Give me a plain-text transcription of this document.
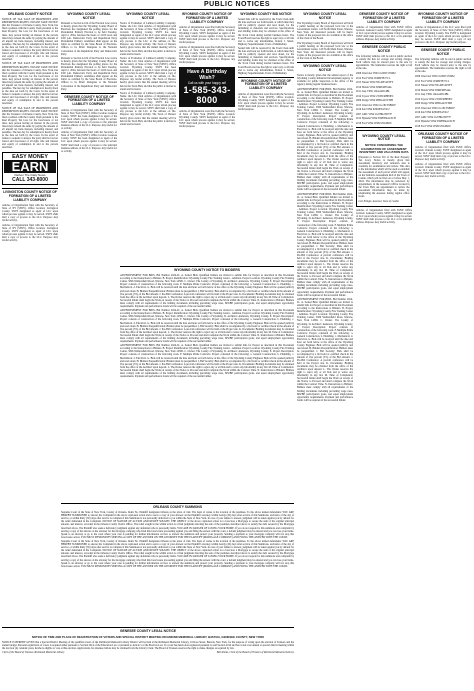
PUBLIC NOTICES
ORLEANS COUNTY NOTICE

NOTICE OF TAX SALE OF PROPERTIES AND REDEMPTION RIGHTS. PLEASE TAKE NOTICE that the Treasurer of Orleans County, New York, has filed a petition with the County Clerk pursuant to the Real Property Tax Law for the foreclosure of tax liens. Any person having an interest in the parcels listed may redeem the same by paying the amount of all unpaid tax liens thereon, including interest and penalties. The last day for redemption is hereby fixed as the date set forth by the Court. In the event of failure to redeem or answer, the party shall be forever barred and foreclosed of all right, title and interest and equity of redemption in and to the parcels described.

NOTICE OF TAX SALE OF PROPERTIES AND REDEMPTION RIGHTS. PLEASE TAKE NOTICE that the Treasurer of Orleans County, New York, has filed a petition with the County Clerk pursuant to the Real Property Tax Law for the foreclosure of tax liens. Any person having an interest in the parcels listed may redeem the same by paying the amount of all unpaid tax liens thereon, including interest and penalties. The last day for redemption is hereby fixed as the date set forth by the Court. In the event of failure to redeem or answer, the party shall be forever barred and foreclosed of all right, title and interest and equity of redemption in and to the parcels described.

NOTICE OF TAX SALE OF PROPERTIES AND REDEMPTION RIGHTS. PLEASE TAKE NOTICE that the Treasurer of Orleans County, New York, has filed a petition with the County Clerk pursuant to the Real Property Tax Law for the foreclosure of tax liens. Any person having an interest in the parcels listed may redeem the same by paying the amount of all unpaid tax liens thereon, including interest and penalties. The last day for redemption is hereby fixed as the date set forth by the Court. In the event of failure to redeem or answer, the party shall be forever barred and foreclosed of all right, title and interest and equity of redemption in and to the parcels described.

EASY MONEY
EARN
Deliver The Daily News
CALL 343-8000
LIVINGSTON COUNTY NOTICE OF FORMATION OF A LIMITED LIABILITY COMPANY

Articles of Organization filed with the Secretary of State of NY (SSNY). Office location: Livingston County. SSNY designated as agent of LLC upon whom process against it may be served. SSNY shall mail a copy of process to the LLC. Purpose: Any lawful activity.

Articles of Organization filed with the Secretary of State of NY (SSNY). Office location: Livingston County. SSNY designated as agent of LLC upon whom process against it may be served. SSNY shall mail a copy of process to the LLC. Purpose: Any lawful activity.

WYOMING COUNTY LEGAL NOTICE

Pursuant to Section 4-104 of the Election Law, notice is hereby given that the Wyoming County Board of Elections has designated the polling places for the Presidential Primary Election to be held Tuesday, April 2, 2024, between the hours of 12:00 noon and 9:00 p.m. Democratic Party and Republican Party Presidential Primary candidates shall appear on the ballot as certified by the State Board of Elections. Offices to be filled: Delegates to the National Convention of the Republican Party and Democratic Party.

Pursuant to Section 4-104 of the Election Law, notice is hereby given that the Wyoming County Board of Elections has designated the polling places for the Presidential Primary Election to be held Tuesday, April 2, 2024, between the hours of 12:00 noon and 9:00 p.m. Democratic Party and Republican Party Presidential Primary candidates shall appear on the ballot as certified by the State Board of Elections. Offices to be filled: Delegates to the National Convention of the Republican Party and Democratic Party.

GENESEE COUNTY NOTICE OF FORMATION OF A LIMITED LIABILITY COMPANY

Articles of Organization filed with the Secretary of State of New York (SSNY). Office location: Genesee County. SSNY has been designated as agent of the LLC upon whom process against it may be served. SSNY shall mail a copy of process to the principal business address of the LLC. Purpose: Any lawful act or activity.

Articles of Organization filed with the Secretary of State of New York (SSNY). Office location: Genesee County. SSNY has been designated as agent of the LLC upon whom process against it may be served. SSNY shall mail a copy of process to the principal business address of the LLC. Purpose: Any lawful act or activity.

WYOMING COUNTY LEGAL NOTICE

Notice of Formation of Limited Liability Company. Name: the LLC filed Articles of Organization with the Secretary of State of New York (SSNY). Office location: Wyoming County. SSNY has been designated as agent of the LLC upon whom process against it may be served. SSNY shall mail a copy of any process to the LLC at the address on file. Purpose: any lawful activity. The Town of Warsaw hereby gives notice that the annual meeting will be held at the Town Hall, and that the public is invited to attend and be heard.

Notice of Formation of Limited Liability Company. Name: the LLC filed Articles of Organization with the Secretary of State of New York (SSNY). Office location: Wyoming County. SSNY has been designated as agent of the LLC upon whom process against it may be served. SSNY shall mail a copy of any process to the LLC at the address on file. Purpose: any lawful activity. The Town of Warsaw hereby gives notice that the annual meeting will be held at the Town Hall, and that the public is invited to attend and be heard.

Notice of Formation of Limited Liability Company. Name: the LLC filed Articles of Organization with the Secretary of State of New York (SSNY). Office location: Wyoming County. SSNY has been designated as agent of the LLC upon whom process against it may be served. SSNY shall mail a copy of any process to the LLC at the address on file. Purpose: any lawful activity. The Town of Warsaw hereby gives notice that the annual meeting will be held at the Town Hall, and that the public is invited to attend and be heard.

WYOMING COUNTY NOTICE OF FORMATION OF A LIMITED LIABILITY COMPANY

Articles of Organization were filed with the Secretary of State of New York (SSNY). Office location: Wyoming County. SSNY designated as agent of the LLC upon whom process against it may be served. SSNY shall mail process to the LLC. Purpose: any lawful purpose.

Articles of Organization were filed with the Secretary of State of New York (SSNY). Office location: Wyoming County. SSNY designated as agent of the LLC upon whom process against it may be served. SSNY shall mail process to the LLC. Purpose: any lawful purpose.

Have A Birthday Wish?
Call us with your happy ad!
1-585-343-8000

Articles of Organization were filed with the Secretary of State of New York (SSNY). Office location: Wyoming County. SSNY designated as agent of the LLC upon whom process against it may be served. SSNY shall mail process to the LLC. Purpose: any lawful purpose.

WYOMING COUNTY BID NOTICE

Sealed bids will be received by the Town Clerk until the date and hour set forth herein, at which time they will be publicly opened and read aloud, for the furnishing of materials and services. Specifications and bidding forms may be obtained at the office of the Town Clerk during normal business hours. The Town Board reserves the right to reject any or all bids and to waive any informalities. Robert J. Smart, Highway Superintendent, Town of Middlebury.

Sealed bids will be received by the Town Clerk until the date and hour set forth herein, at which time they will be publicly opened and read aloud, for the furnishing of materials and services. Specifications and bidding forms may be obtained at the office of the Town Clerk during normal business hours. The Town Board reserves the right to reject any or all bids and to waive any informalities. Robert J. Smart, Highway Superintendent, Town of Middlebury.

WYOMING COUNTY NOTICE OF FORMATION OF A LIMITED LIABILITY COMPANY

Articles of Organization were filed with the Secretary of State of New York (SSNY). Office location: Wyoming County. SSNY designated as agent of the LLC upon whom process against it may be served. SSNY shall mail process to the LLC. Purpose: any lawful purpose.

WYOMING COUNTY NOTICE TO BIDDERS

ADVERTISEMENT FOR BIDS. Bid Number 2024-01. A. Sealed Bids: Qualified bidders are invited to submit bids for Project as described in this Document according to the Instructions to Bidders. B. Project Identification: Wyoming County Fire Training Center - Addition. Project Location: Wyoming County Fire Training Center, 5826 Wethersfield Road, Warsaw, New York 14569. C. Owner: The County of Wyoming. D. Architect: Anderson, Wyoming County. E. Project Description: Project consists of construction of the following work. F. Multiple Prime Contracts: Project consisted of the following: a. General Construction. b. Plumbing. c. Mechanical. d. Electrical. G. Bids will be received until the date and hour set forth below at the office of the Wyoming County Engineer. Bids will be opened publicly and read aloud. H. Bidders Prequalification: Bidders must be prequalified. I. Bid Security: Bids shall be accompanied by a bid bond or certified check in the amount of five percent (5%) of the Bid amount. J. Pre-Bid Conference: A pre-bid conference will be held at the Project site. K. Documents: Bidding documents may be obtained from the office of the Architect upon deposit. L. The Owner reserves the right to reject any or all bids and to waive any informality in any bid. M. Time of Completion: Successful bidder shall begin the Work on receipt of the Notice to Proceed and shall complete the Work within the Contract Time. N. Instructions to Bidders: Bidders must comply with all requirements of the bidding documents including prevailing wage rates, MWBE participation goals, and equal employment opportunity requirements. Payment and performance bonds will be required of the successful bidder.

ADVERTISEMENT FOR BIDS. Bid Number 2024-01. A. Sealed Bids: Qualified bidders are invited to submit bids for Project as described in this Document according to the Instructions to Bidders. B. Project Identification: Wyoming County Fire Training Center - Addition. Project Location: Wyoming County Fire Training Center, 5826 Wethersfield Road, Warsaw, New York 14569. C. Owner: The County of Wyoming. D. Architect: Anderson, Wyoming County. E. Project Description: Project consists of construction of the following work. F. Multiple Prime Contracts: Project consisted of the following: a. General Construction. b. Plumbing. c. Mechanical. d. Electrical. G. Bids will be received until the date and hour set forth below at the office of the Wyoming County Engineer. Bids will be opened publicly and read aloud. H. Bidders Prequalification: Bidders must be prequalified. I. Bid Security: Bids shall be accompanied by a bid bond or certified check in the amount of five percent (5%) of the Bid amount. J. Pre-Bid Conference: A pre-bid conference will be held at the Project site. K. Documents: Bidding documents may be obtained from the office of the Architect upon deposit. L. The Owner reserves the right to reject any or all bids and to waive any informality in any bid. M. Time of Completion: Successful bidder shall begin the Work on receipt of the Notice to Proceed and shall complete the Work within the Contract Time. N. Instructions to Bidders: Bidders must comply with all requirements of the bidding documents including prevailing wage rates, MWBE participation goals, and equal employment opportunity requirements. Payment and performance bonds will be required of the successful bidder.

ADVERTISEMENT FOR BIDS. Bid Number 2024-01. A. Sealed Bids: Qualified bidders are invited to submit bids for Project as described in this Document according to the Instructions to Bidders. B. Project Identification: Wyoming County Fire Training Center - Addition. Project Location: Wyoming County Fire Training Center, 5826 Wethersfield Road, Warsaw, New York 14569. C. Owner: The County of Wyoming. D. Architect: Anderson, Wyoming County. E. Project Description: Project consists of construction of the following work. F. Multiple Prime Contracts: Project consisted of the following: a. General Construction. b. Plumbing. c. Mechanical. d. Electrical. G. Bids will be received until the date and hour set forth below at the office of the Wyoming County Engineer. Bids will be opened publicly and read aloud. H. Bidders Prequalification: Bidders must be prequalified. I. Bid Security: Bids shall be accompanied by a bid bond or certified check in the amount of five percent (5%) of the Bid amount. J. Pre-Bid Conference: A pre-bid conference will be held at the Project site. K. Documents: Bidding documents may be obtained from the office of the Architect upon deposit. L. The Owner reserves the right to reject any or all bids and to waive any informality in any bid. M. Time of Completion: Successful bidder shall begin the Work on receipt of the Notice to Proceed and shall complete the Work within the Contract Time. N. Instructions to Bidders: Bidders must comply with all requirements of the bidding documents including prevailing wage rates, MWBE participation goals, and equal employment opportunity requirements. Payment and performance bonds will be required of the successful bidder.

ORLEANS COUNTY SUMMONS

Supreme Court of the State of New York, County of Orleans. Index No. Plaintiff designates Orleans as the place of trial. The basis of venue is the location of the premises. To the above named defendants: YOU ARE HEREBY SUMMONED to answer the Complaint in the above captioned action and to serve a copy of your Answer on the Plaintiff's attorney within twenty (20) days after service of this Summons, exclusive of the day of service, or within thirty (30) days after service is complete if this Summons is not personally delivered to you within the State of New York. In case of your failure to answer, judgment will be taken against you by default for the relief demanded in the Complaint. NOTICE OF NATURE OF ACTION AND RELIEF SOUGHT. THE OBJECT of the above captioned action is to foreclose a Mortgage to secure the sum of the original principal amount, and interest, recorded in the Orleans County Clerk's Office. The relief sought in the within action is a final judgment directing the sale of the premises described above to satisfy the debt secured by the Mortgage described above. The Plaintiff also seeks a deficiency judgment against any defendant who is personally liable. YOU ARE IN DANGER OF LOSING YOUR HOME. If you do not respond to this summons and complaint by serving a copy of the answer on the attorney for the mortgage company who filed this foreclosure proceeding against you and filing the answer with the court, a default judgment may be entered and you can lose your home. Speak to an attorney or go to the court where your case is pending for further information on how to answer the summons and protect your property. Sending a payment to your mortgage company will not stop this foreclosure action. YOU MUST RESPOND BY SERVING A COPY OF THE ANSWER ON THE ATTORNEY FOR THE PLAINTIFF (MORTGAGE COMPANY) AND FILING THE ANSWER WITH THE COURT.

Supreme Court of the State of New York, County of Orleans. Index No. Plaintiff designates Orleans as the place of trial. The basis of venue is the location of the premises. To the above named defendants: YOU ARE HEREBY SUMMONED to answer the Complaint in the above captioned action and to serve a copy of your Answer on the Plaintiff's attorney within twenty (20) days after service of this Summons, exclusive of the day of service, or within thirty (30) days after service is complete if this Summons is not personally delivered to you within the State of New York. In case of your failure to answer, judgment will be taken against you by default for the relief demanded in the Complaint. NOTICE OF NATURE OF ACTION AND RELIEF SOUGHT. THE OBJECT of the above captioned action is to foreclose a Mortgage to secure the sum of the original principal amount, and interest, recorded in the Orleans County Clerk's Office. The relief sought in the within action is a final judgment directing the sale of the premises described above to satisfy the debt secured by the Mortgage described above. The Plaintiff also seeks a deficiency judgment against any defendant who is personally liable. YOU ARE IN DANGER OF LOSING YOUR HOME. If you do not respond to this summons and complaint by serving a copy of the answer on the attorney for the mortgage company who filed this foreclosure proceeding against you and filing the answer with the court, a default judgment may be entered and you can lose your home. Speak to an attorney or go to the court where your case is pending for further information on how to answer the summons and protect your property. Sending a payment to your mortgage company will not stop this foreclosure action. YOU MUST RESPOND BY SERVING A COPY OF THE ANSWER ON THE ATTORNEY FOR THE PLAINTIFF (MORTGAGE COMPANY) AND FILING THE ANSWER WITH THE COURT.

GENESEE COUNTY LEGAL NOTICE
NOTICE OF TIME AND PLACE OF REGISTRATION OF VOTERS AND SPECIAL DISTRICT MEETING RICHMOND MEMORIAL LIBRARY, BATAVIA, GENESEE COUNTY, NEW YORK

NOTICE IS HEREBY GIVEN that a Special District Meeting of the qualified voters of the Richmond Memorial Library District will be held at the Richmond Memorial Library, 19 Ross Street, Batavia, New York, for the purpose of voting upon the election of Trustees and the annual budget. Personal registration of voters is required either pursuant to Section 2014 of the Education Law or pursuant to Article 5 of the Election Law. If a voter has heretofore registered pursuant to said Section 2014 and has voted at an annual or special district meeting within the last four (4) calendar years, he/she is eligible to vote at this election. Applications for absentee ballots may be obtained from the Library Clerk. The Board of Trustees reserves the right to make changes as required by law.

Clerk of the Board of Trustees, Richmond Memorial Library	Beth Parks, Clerk of the Board of Trustees of Richmond Memorial Library
WYOMING COUNTY LEGAL NOTICE

The Wyoming County Board of Supervisors will hold a public hearing on the proposed local law at the Government Center, 143 North Main Street, Warsaw, New York. All interested persons will be heard. Copies of the proposed law are available at the office of the Clerk of the Board.

The Wyoming County Board of Supervisors will hold a public hearing on the proposed local law at the Government Center, 143 North Main Street, Warsaw, New York. All interested persons will be heard. Copies of the proposed law are available at the office of the Clerk of the Board.

WYOMING COUNTY LEGAL NOTICE

Notice is hereby given that the annual report of the Wyoming County Industrial Development Agency is available for public inspection at the office of the Agency during regular business hours.

ADVERTISEMENT FOR BIDS. Bid Number 2024-01. A. Sealed Bids: Qualified bidders are invited to submit bids for Project as described in this Document according to the Instructions to Bidders. B. Project Identification: Wyoming County Fire Training Center - Addition. Project Location: Wyoming County Fire Training Center, 5826 Wethersfield Road, Warsaw, New York 14569. C. Owner: The County of Wyoming. D. Architect: Anderson, Wyoming County. E. Project Description: Project consists of construction of the following work. F. Multiple Prime Contracts: Project consisted of the following: a. General Construction. b. Plumbing. c. Mechanical. d. Electrical. G. Bids will be received until the date and hour set forth below at the office of the Wyoming County Engineer. Bids will be opened publicly and read aloud. H. Bidders Prequalification: Bidders must be prequalified. I. Bid Security: Bids shall be accompanied by a bid bond or certified check in the amount of five percent (5%) of the Bid amount. J. Pre-Bid Conference: A pre-bid conference will be held at the Project site. K. Documents: Bidding documents may be obtained from the office of the Architect upon deposit. L. The Owner reserves the right to reject any or all bids and to waive any informality in any bid. M. Time of Completion: Successful bidder shall begin the Work on receipt of the Notice to Proceed and shall complete the Work within the Contract Time. N. Instructions to Bidders: Bidders must comply with all requirements of the bidding documents including prevailing wage rates, MWBE participation goals, and equal employment opportunity requirements. Payment and performance bonds will be required of the successful bidder.

ADVERTISEMENT FOR BIDS. Bid Number 2024-01. A. Sealed Bids: Qualified bidders are invited to submit bids for Project as described in this Document according to the Instructions to Bidders. B. Project Identification: Wyoming County Fire Training Center - Addition. Project Location: Wyoming County Fire Training Center, 5826 Wethersfield Road, Warsaw, New York 14569. C. Owner: The County of Wyoming. D. Architect: Anderson, Wyoming County. E. Project Description: Project consists of construction of the following work. F. Multiple Prime Contracts: Project consisted of the following: a. General Construction. b. Plumbing. c. Mechanical. d. Electrical. G. Bids will be received until the date and hour set forth below at the office of the Wyoming County Engineer. Bids will be opened publicly and read aloud. H. Bidders Prequalification: Bidders must be prequalified. I. Bid Security: Bids shall be accompanied by a bid bond or certified check in the amount of five percent (5%) of the Bid amount. J. Pre-Bid Conference: A pre-bid conference will be held at the Project site. K. Documents: Bidding documents may be obtained from the office of the Architect upon deposit. L. The Owner reserves the right to reject any or all bids and to waive any informality in any bid. M. Time of Completion: Successful bidder shall begin the Work on receipt of the Notice to Proceed and shall complete the Work within the Contract Time. N. Instructions to Bidders: Bidders must comply with all requirements of the bidding documents including prevailing wage rates, MWBE participation goals, and equal employment opportunity requirements. Payment and performance bonds will be required of the successful bidder.

ADVERTISEMENT FOR BIDS. Bid Number 2024-01. A. Sealed Bids: Qualified bidders are invited to submit bids for Project as described in this Document according to the Instructions to Bidders. B. Project Identification: Wyoming County Fire Training Center - Addition. Project Location: Wyoming County Fire Training Center, 5826 Wethersfield Road, Warsaw, New York 14569. C. Owner: The County of Wyoming. D. Architect: Anderson, Wyoming County. E. Project Description: Project consists of construction of the following work. F. Multiple Prime Contracts: Project consisted of the following: a. General Construction. b. Plumbing. c. Mechanical. d. Electrical. G. Bids will be received until the date and hour set forth below at the office of the Wyoming County Engineer. Bids will be opened publicly and read aloud. H. Bidders Prequalification: Bidders must be prequalified. I. Bid Security: Bids shall be accompanied by a bid bond or certified check in the amount of five percent (5%) of the Bid amount. J. Pre-Bid Conference: A pre-bid conference will be held at the Project site. K. Documents: Bidding documents may be obtained from the office of the Architect upon deposit. L. The Owner reserves the right to reject any or all bids and to waive any informality in any bid. M. Time of Completion: Successful bidder shall begin the Work on receipt of the Notice to Proceed and shall complete the Work within the Contract Time. N. Instructions to Bidders: Bidders must comply with all requirements of the bidding documents including prevailing wage rates, MWBE participation goals, and equal employment opportunity requirements. Payment and performance bonds will be required of the successful bidder.

GENESEE COUNTY NOTICE OF FORMATION OF A LIMITED LIABILITY COMPANY

Articles of Organization filed with SSNY. Office location: Genesee County. SSNY designated as agent of LLC upon whom process against it may be served. SSNY shall mail process to the LLC at its principal address. Purpose: Any lawful activity.

GENESEE COUNTY PUBLIC NOTICE

The following vehicles will be sold at public auction to satisfy the lien for storage and towing charges. Each vehicle may be viewed prior to the sale by appointment. The lienholder reserves the right to bid at the sale.

2008 Chevrolet VIN# 1GNDT13S982

2012 Ford VIN# 1FAHP3F27CL

2015 Nissan VIN# 3N1AB7AP5FY

2010 Honda VIN# 5J6RE4H54AL

2011 Jeep VIN# 1J4AA2D14BL

2014 Toyota VIN# 2T1BURHE0EC

2009 Dodge VIN# 2B3KA43V39H

2013 Chevrolet VIN# 1G1PC5SB6D7

2016 Kia VIN# KNDJP3A53G7

2007 GMC VIN# 1GTHK23D77F

2012 Hyundai VIN# 5NPEB4AC0CH

2018 Ford VIN# 1FMCU9GD9JU

WYOMING COUNTY LEGAL NOTICE
NOTICE CONCERNING THE EXAMINATION OF ASSESSMENT INVENTORY AND VALUATION DATA

(Pursuant to Section 501 of the Real Property Tax Law). Notice is hereby given that assessment inventory and valuation data is available for examination and review. This data is the information which will be used to establish the assessment of each parcel which will appear on the Tentative Assessment Roll of the Town of Castile, which will be filed on or before May 1, 2024. The information may be reviewed, by appointment, in the Assessor's Office located in the Town Hall. An appointment to review the assessment information may be made by telephoning the Assessor during regular office hours.

Lori Pringle, Assessor, Town of Castile

Articles of Organization filed with SSNY. Office location: Genesee County. SSNY designated as agent of LLC upon whom process against it may be served. SSNY shall mail process to the LLC at its principal address. Purpose: Any lawful activity.

WYOMING COUNTY NOTICE OF FORMATION OF A LIMITED LIABILITY COMPANY

Articles of Organization of the LLC were filed with the Secretary of State of New York (SSNY). Office location: Wyoming County. The SSNY is designated as agent of the LLC upon whom process against it may be served. SSNY shall mail a copy of any process to the LLC. Purpose: any lawful purpose.

GENESEE COUNTY PUBLIC NOTICE

The following vehicles will be sold at public auction to satisfy the lien for storage and towing charges. Each vehicle may be viewed prior to the sale by appointment. The lienholder reserves the right to bid at the sale.

2008 Chevrolet VIN# 1GNDT13S982

2012 Ford VIN# 1FAHP3F27CL

2015 Nissan VIN# 3N1AB7AP5FY

2010 Honda VIN# 5J6RE4H54AL

2011 Jeep VIN# 1J4AA2D14BL

2014 Toyota VIN# 2T1BURHE0EC

2009 Dodge VIN# 2B3KA43V39H

2013 Chevrolet VIN# 1G1PC5SB6D7

2016 Kia VIN# KNDJP3A53G7

2007 GMC VIN# 1GTHK23D77F

2012 Hyundai VIN# 5NPEB4AC0CH

2018 Ford VIN# 1FMCU9GD9JU

ORLEANS COUNTY NOTICE OF FORMATION OF A LIMITED LIABILITY COMPANY

Articles of Organization filed with SSNY. Office location: Orleans County. SSNY designated as agent of the LLC upon whom process against it may be served. SSNY shall mail copy of process to the LLC. Purpose: Any lawful activity.

Articles of Organization filed with SSNY. Office location: Orleans County. SSNY designated as agent of the LLC upon whom process against it may be served. SSNY shall mail copy of process to the LLC. Purpose: Any lawful activity.
